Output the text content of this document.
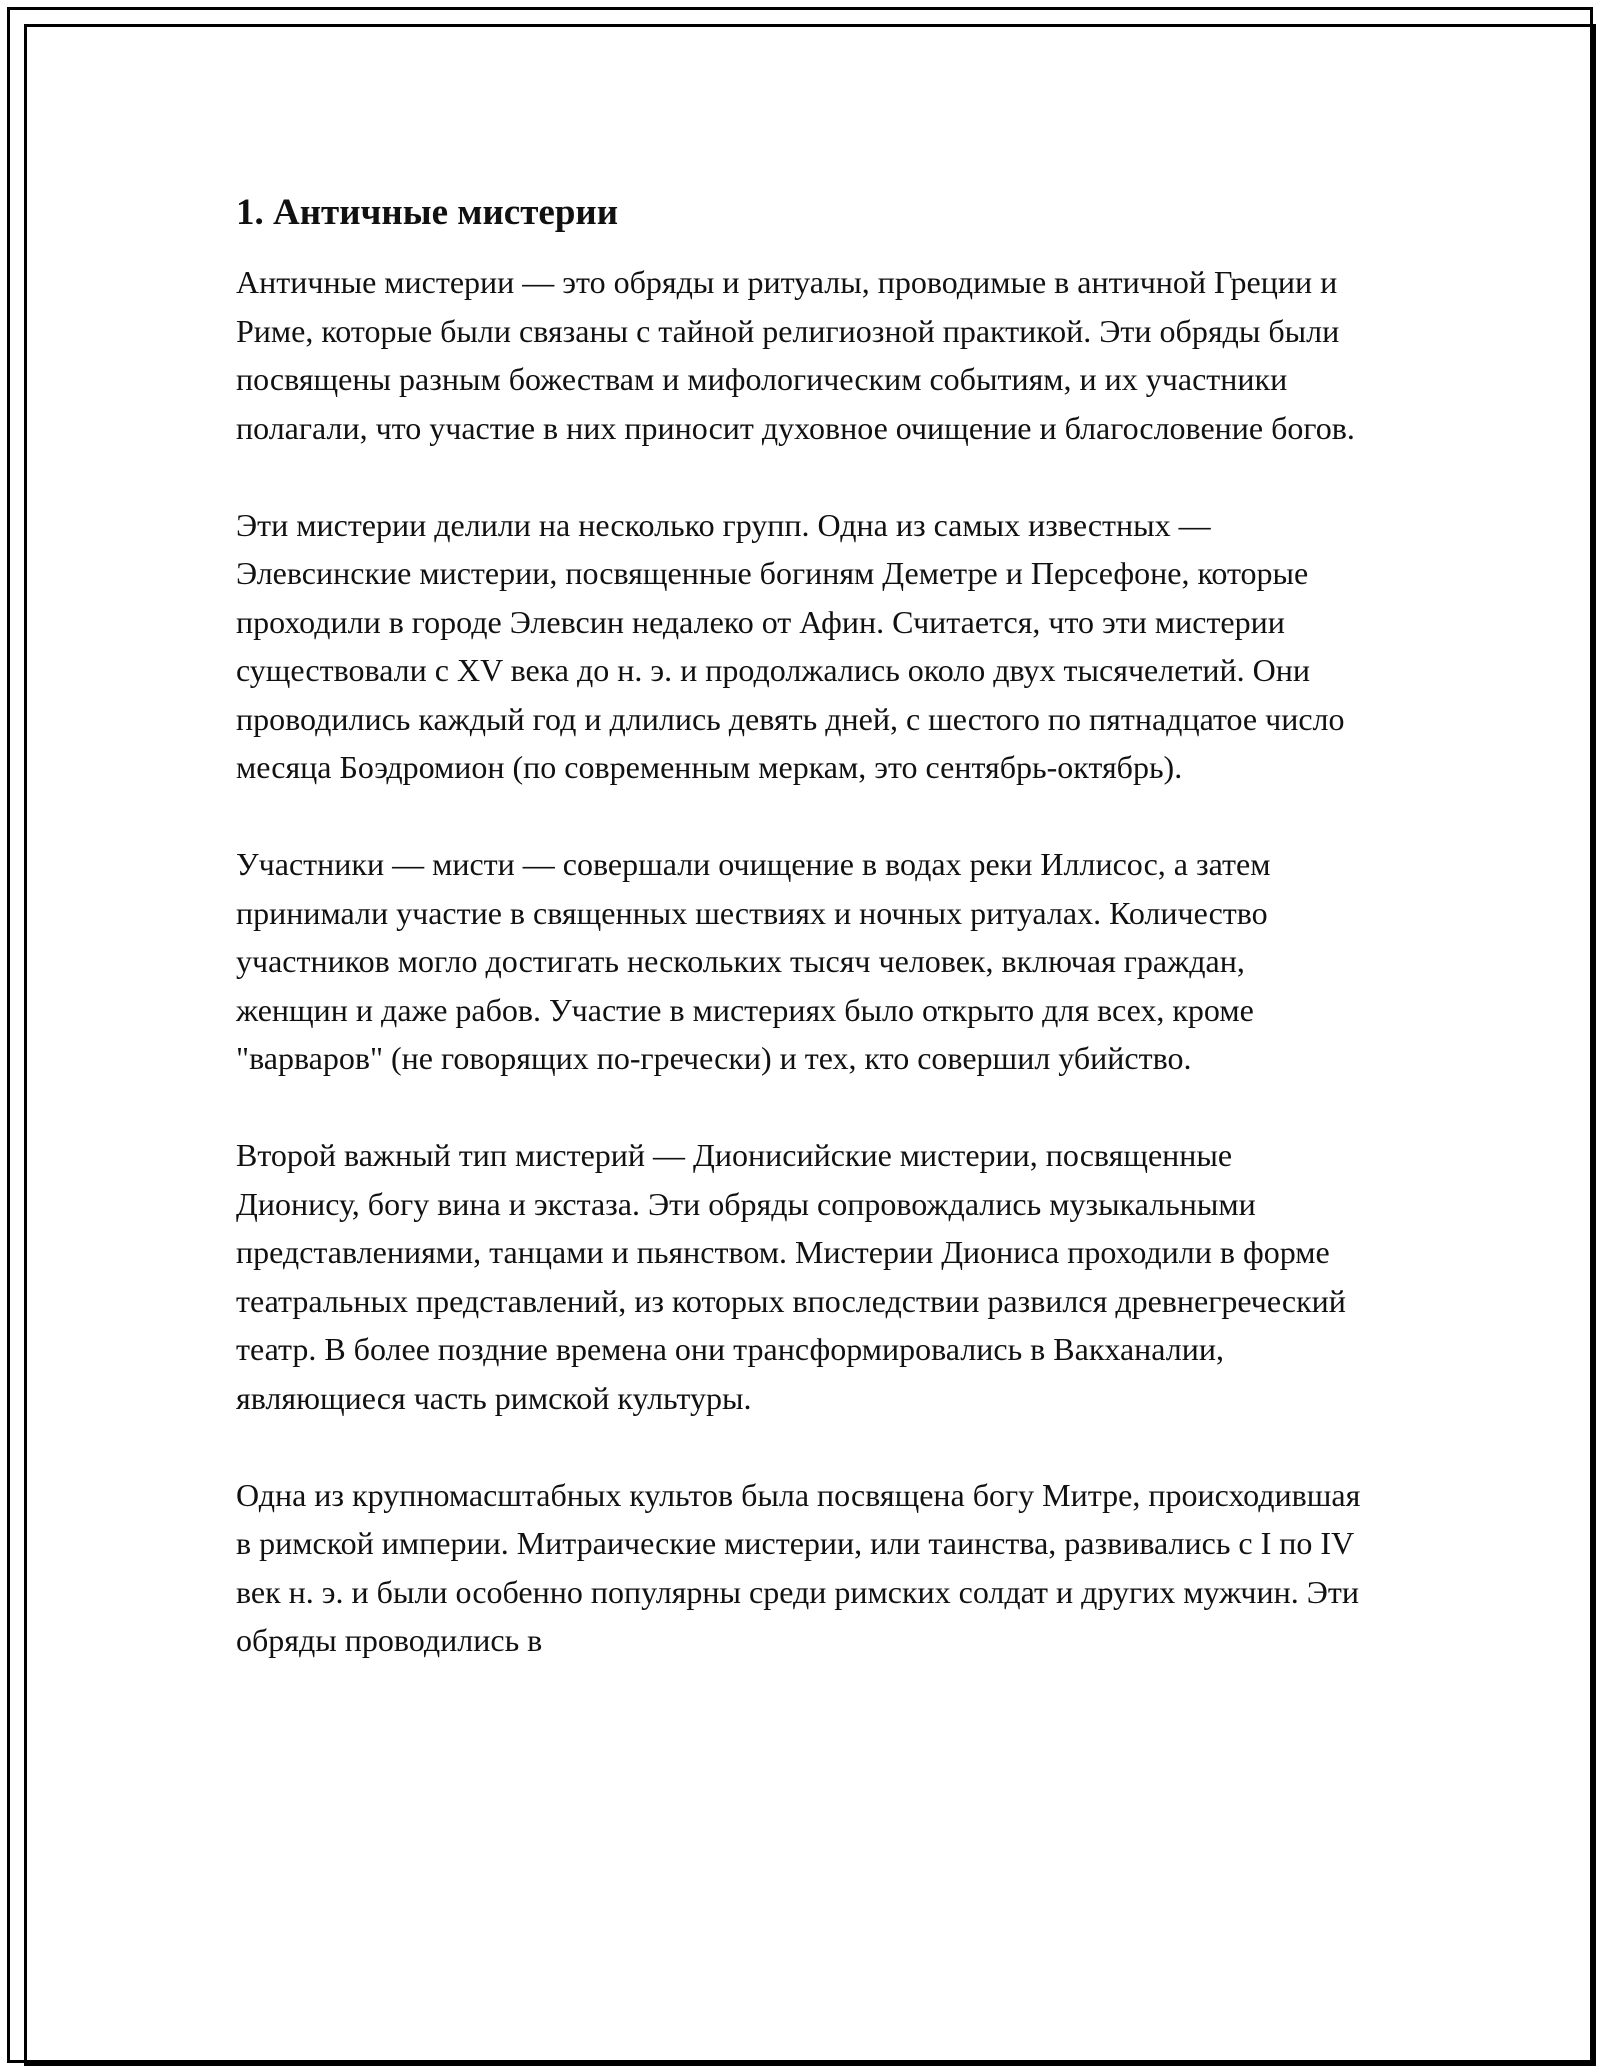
1. Античные мистерии

Античные мистерии — это обряды и ритуалы, проводимые в античной Греции и Риме, которые были связаны с тайной религиозной практикой. Эти обряды были посвящены разным божествам и мифологическим событиям, и их участники полагали, что участие в них приносит духовное очищение и благословение богов.

Эти мистерии делили на несколько групп. Одна из самых известных — Элевсинские мистерии, посвященные богиням Деметре и Персефоне, которые проходили в городе Элевсин недалеко от Афин. Считается, что эти мистерии существовали с XV века до н. э. и продолжались около двух тысячелетий. Они проводились каждый год и длились девять дней, с шестого по пятнадцатое число месяца Боэдромион (по современным меркам, это сентябрь-октябрь).

Участники — мисти — совершали очищение в водах реки Иллисос, а затем принимали участие в священных шествиях и ночных ритуалах. Количество участников могло достигать нескольких тысяч человек, включая граждан, женщин и даже рабов. Участие в мистериях было открыто для всех, кроме "варваров" (не говорящих по-гречески) и тех, кто совершил убийство.

Второй важный тип мистерий — Дионисийские мистерии, посвященные Дионису, богу вина и экстаза. Эти обряды сопровождались музыкальными представлениями, танцами и пьянством. Мистерии Диониса проходили в форме театральных представлений, из которых впоследствии развился древнегреческий театр. В более поздние времена они трансформировались в Вакханалии, являющиеся часть римской культуры.

Одна из крупномасштабных культов была посвящена богу Митре, происходившая в римской империи. Митраические мистерии, или таинства, развивались с I по IV век н. э. и были особенно популярны среди римских солдат и других мужчин. Эти обряды проводились в
